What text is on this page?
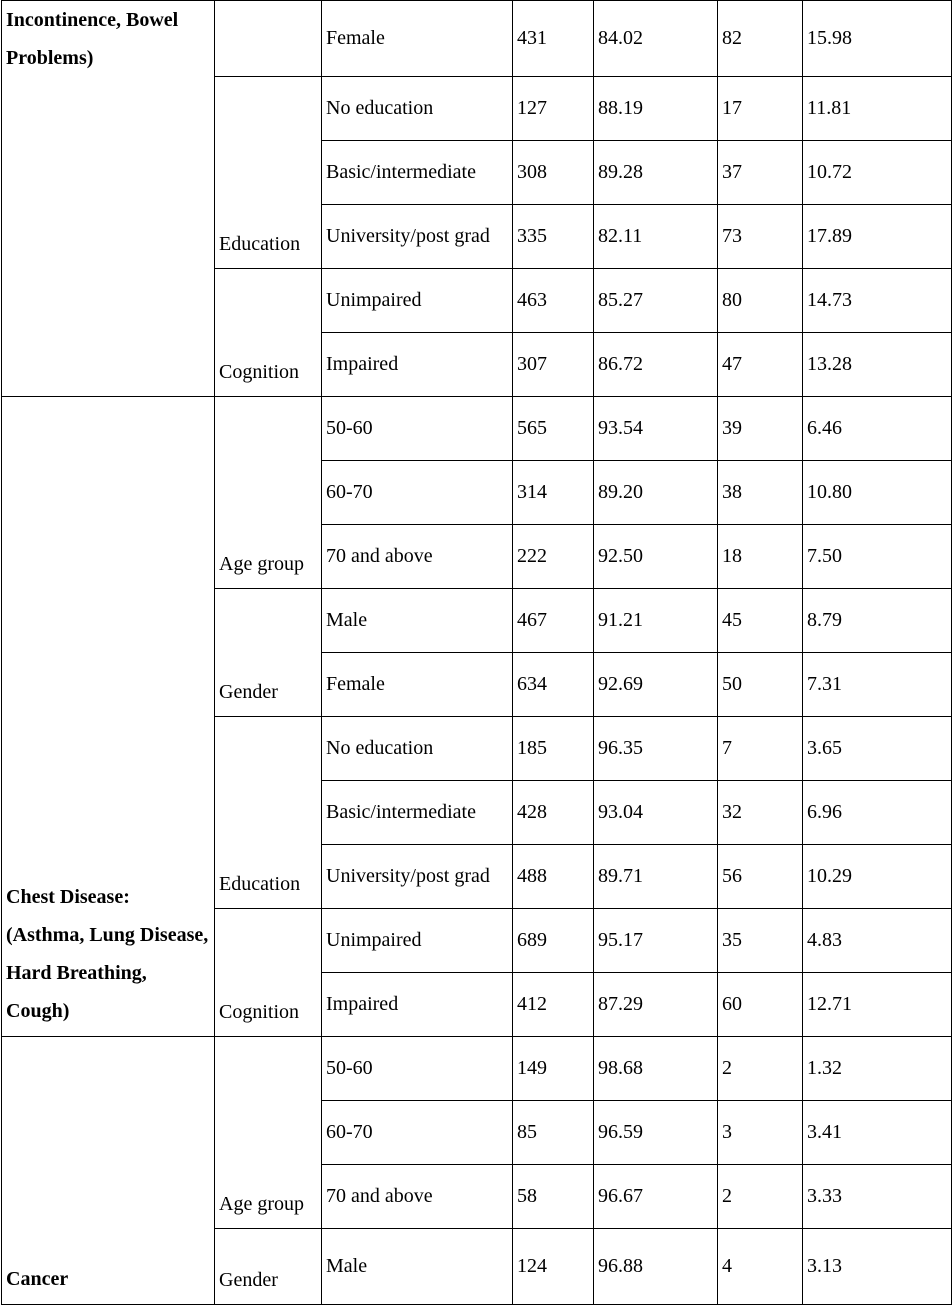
Incontinence, Bowel Problems)		Female	431	84.02	82	15.98
	Education	No education	127	88.19	17	11.81
		Basic/intermediate	308	89.28	37	10.72
		University/post grad	335	82.11	73	17.89
	Cognition	Unimpaired	463	85.27	80	14.73
		Impaired	307	86.72	47	13.28
Chest Disease: (Asthma, Lung Disease, Hard Breathing, Cough)	Age group	50-60	565	93.54	39	6.46
		60-70	314	89.20	38	10.80
		70 and above	222	92.50	18	7.50
	Gender	Male	467	91.21	45	8.79
		Female	634	92.69	50	7.31
	Education	No education	185	96.35	7	3.65
		Basic/intermediate	428	93.04	32	6.96
		University/post grad	488	89.71	56	10.29
	Cognition	Unimpaired	689	95.17	35	4.83
		Impaired	412	87.29	60	12.71
Cancer	Age group	50-60	149	98.68	2	1.32
		60-70	85	96.59	3	3.41
		70 and above	58	96.67	2	3.33
	Gender	Male	124	96.88	4	3.13
